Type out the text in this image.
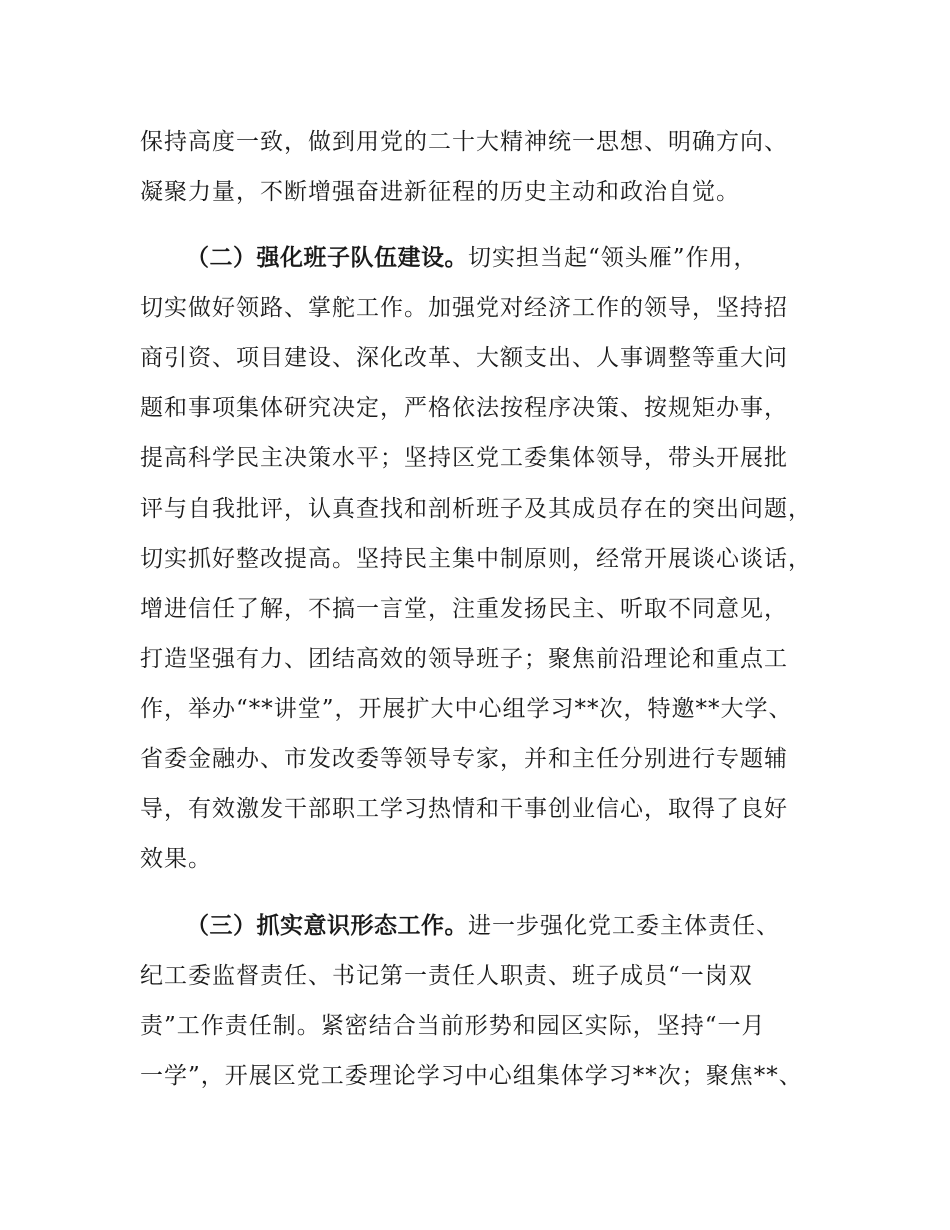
保持高度一致，做到用党的二十大精神统一思想、明确方向、
凝聚力量，不断增强奋进新征程的历史主动和政治自觉。
（二）强化班子队伍建设。切实担当起“领头雁”作用，
切实做好领路、掌舵工作。加强党对经济工作的领导，坚持招
商引资、项目建设、深化改革、大额支出、人事调整等重大问
题和事项集体研究决定，严格依法按程序决策、按规矩办事，
提高科学民主决策水平；坚持区党工委集体领导，带头开展批
评与自我批评，认真查找和剖析班子及其成员存在的突出问题，
切实抓好整改提高。坚持民主集中制原则，经常开展谈心谈话，
增进信任了解，不搞一言堂，注重发扬民主、听取不同意见，
打造坚强有力、团结高效的领导班子；聚焦前沿理论和重点工
作，举办“**讲堂”，开展扩大中心组学习**次，特邀**大学、
省委金融办、市发改委等领导专家，并和主任分别进行专题辅
导，有效激发干部职工学习热情和干事创业信心，取得了良好
效果。
（三）抓实意识形态工作。进一步强化党工委主体责任、
纪工委监督责任、书记第一责任人职责、班子成员“一岗双
责”工作责任制。紧密结合当前形势和园区实际，坚持“一月
一学”，开展区党工委理论学习中心组集体学习**次；聚焦**、
